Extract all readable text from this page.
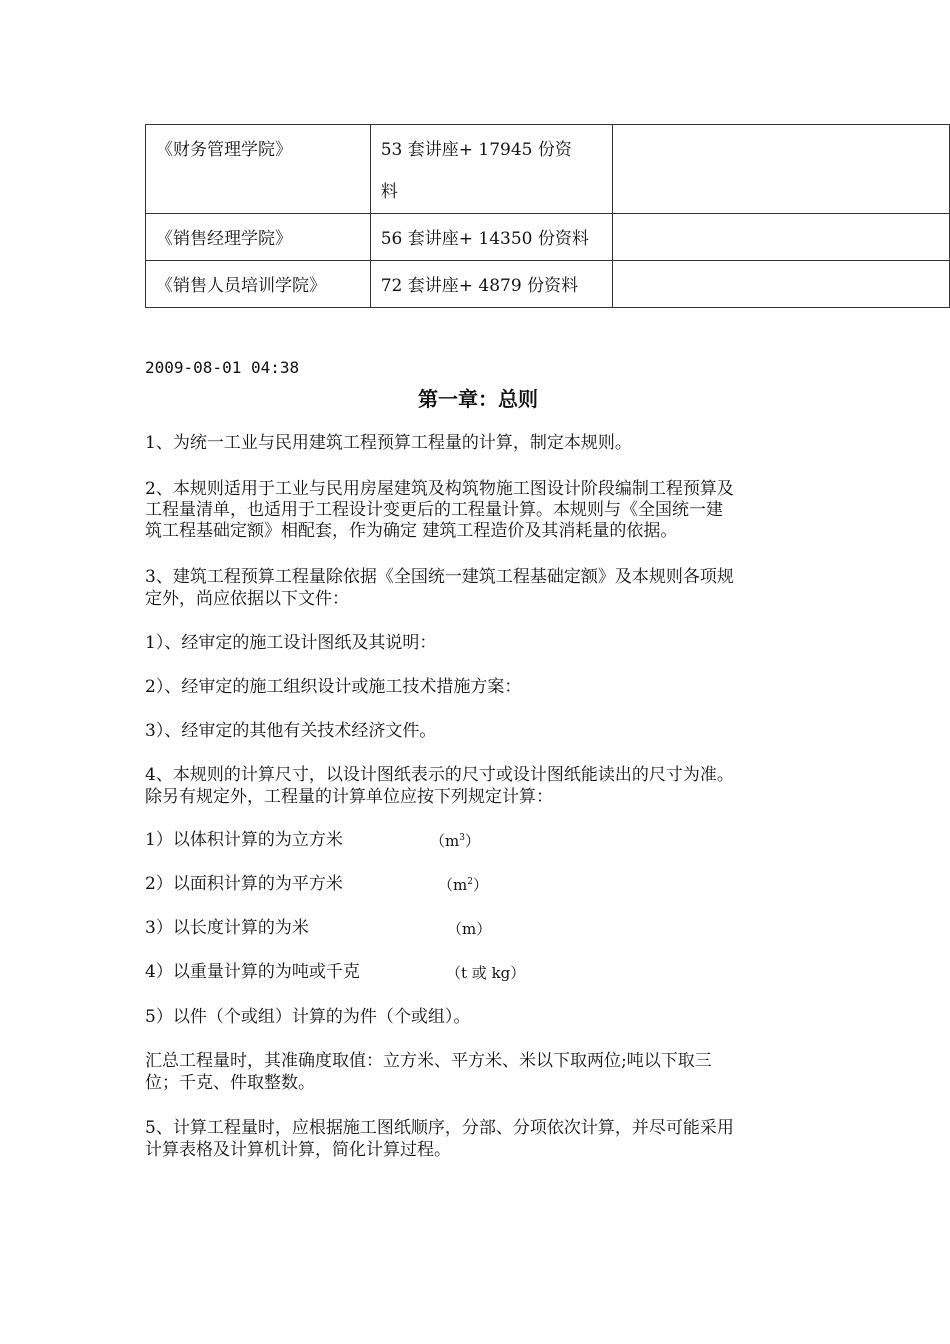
《财务管理学院》	53 套讲座+ 17945 份资
料	

《销售经理学院》	56 套讲座+ 14350 份资料	

《销售人员培训学院》	72 套讲座+ 4879 份资料	

2009-08-01 04:38
第一章：总则

1、为统一工业与民用建筑工程预算工程量的计算，制定本规则。

2、本规则适用于工业与民用房屋建筑及构筑物施工图设计阶段编制工程预算及

工程量清单，也适用于工程设计变更后的工程量计算。本规则与《全国统一建

筑工程基础定额》相配套，作为确定 建筑工程造价及其消耗量的依据。

3、建筑工程预算工程量除依据《全国统一建筑工程基础定额》及本规则各项规

定外，尚应依据以下文件：

1）、经审定的施工设计图纸及其说明：

2）、经审定的施工组织设计或施工技术措施方案：

3）、经审定的其他有关技术经济文件。

4、本规则的计算尺寸，以设计图纸表示的尺寸或设计图纸能读出的尺寸为准。

除另有规定外，工程量的计算单位应按下列规定计算：

1）以体积计算的为立方米	$(m^3)$

2）以面积计算的为平方米	$(m^2)$

3）以长度计算的为米	（m）

4）以重量计算的为吨或千克	（t 或 kg）

5）以件（个或组）计算的为件（个或组）。

汇总工程量时，其准确度取值：立方米、平方米、米以下取两位;吨以下取三

位；千克、件取整数。

5、计算工程量时，应根据施工图纸顺序，分部、分项依次计算，并尽可能采用

计算表格及计算机计算，简化计算过程。
